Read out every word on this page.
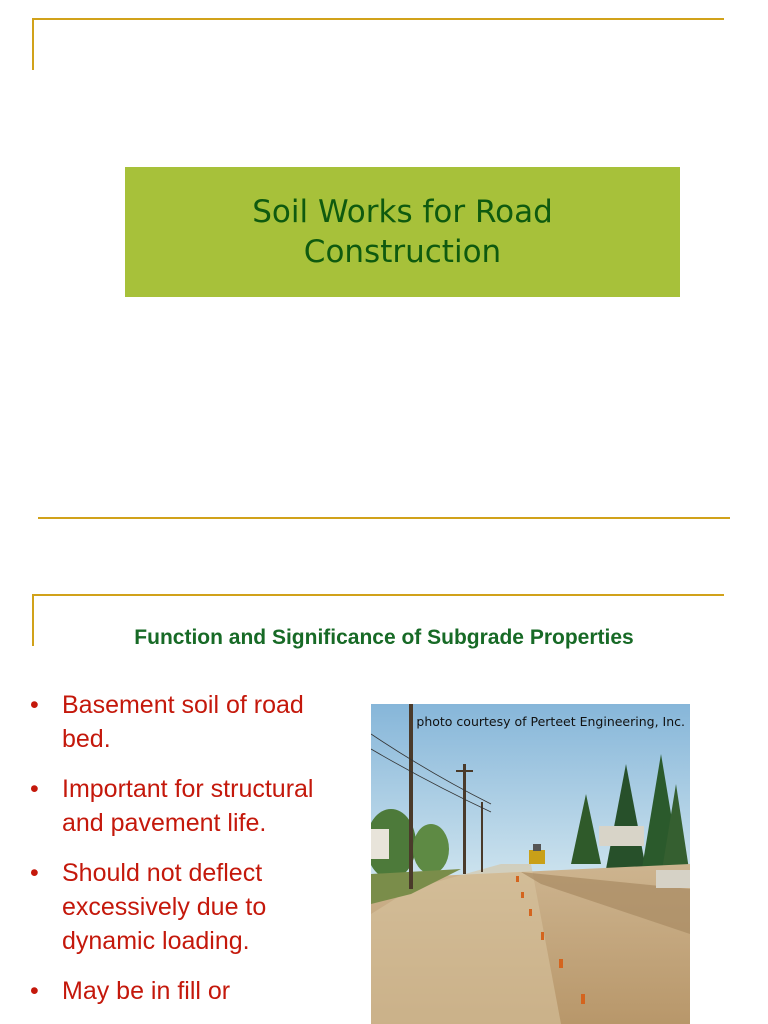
Soil Works for Road Construction
Function and Significance of Subgrade Properties
• Basement soil of road bed.
• Important for structural and pavement life.
• Should not deflect excessively due to dynamic loading.
• May be in fill or
photo courtesy of Perteet Engineering, Inc.
